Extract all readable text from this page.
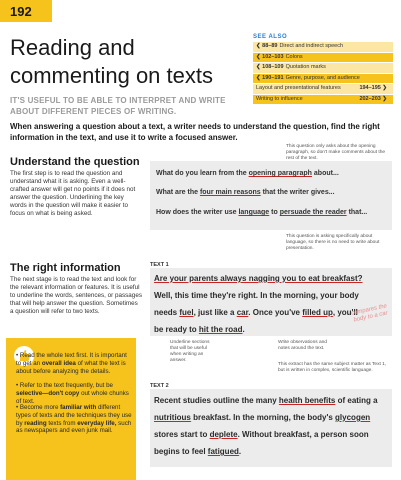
192
Reading and
commenting on texts
IT'S USEFUL TO BE ABLE TO INTERPRET AND WRITE ABOUT DIFFERENT PIECES OF WRITING.
SEE ALSO
❮ 88–89 Direct and indirect speech
❮ 102–103 Colons
❮ 108–109 Quotation marks
❮ 190–191 Genre, purpose, and audience
Layout and presentational features	194–195 ❯
Writing to influence	202–203 ❯
When answering a question about a text, a writer needs to understand the question, find the right information in the text, and use it to write a focused answer.
Understand the question
The first step is to read the question and understand what it is asking. Even a well-crafted answer will get no points if it does not answer the question. Underlining the key words in the question will make it easier to focus on what is being asked.
This question only asks about the opening paragraph, so don't make comments about the rest of the text.
What do you learn from the opening paragraph about...
What are the four main reasons that the writer gives...
How does the writer use language to persuade the reader that...
This question is asking specifically about language, so there is no need to write about presentation.
The right information
The next stage is to read the text and look for the relevant information or features. It is useful to underline the words, sentences, or passages that will help answer the question. Sometimes a question will refer to two texts.
TEXT 1
Are your parents always nagging you to eat breakfast?
Well, this time they're right. In the morning, your body
needs fuel, just like a car. Once you've filled up, you'll
be ready to hit the road.
compares the body to a car
Underline sections that will be useful when writing an answer.
Write observations and notes around the text.
This extract has the same subject matter as Text 1, but is written in complex, scientific language.
TEXT 2
Recent studies outline the many health benefits of eating a
nutritious breakfast. In the morning, the body's glycogen
stores start to deplete. Without breakfast, a person soon
begins to feel fatigued.
• Read the whole text first. It is important to get an overall idea of what the text is about before analyzing the details.
• Refer to the text frequently, but be selective—don't copy out whole chunks of text.
• Become more familiar with different types of texts and the techniques they use by reading texts from everyday life, such as newspapers and even junk mail.
